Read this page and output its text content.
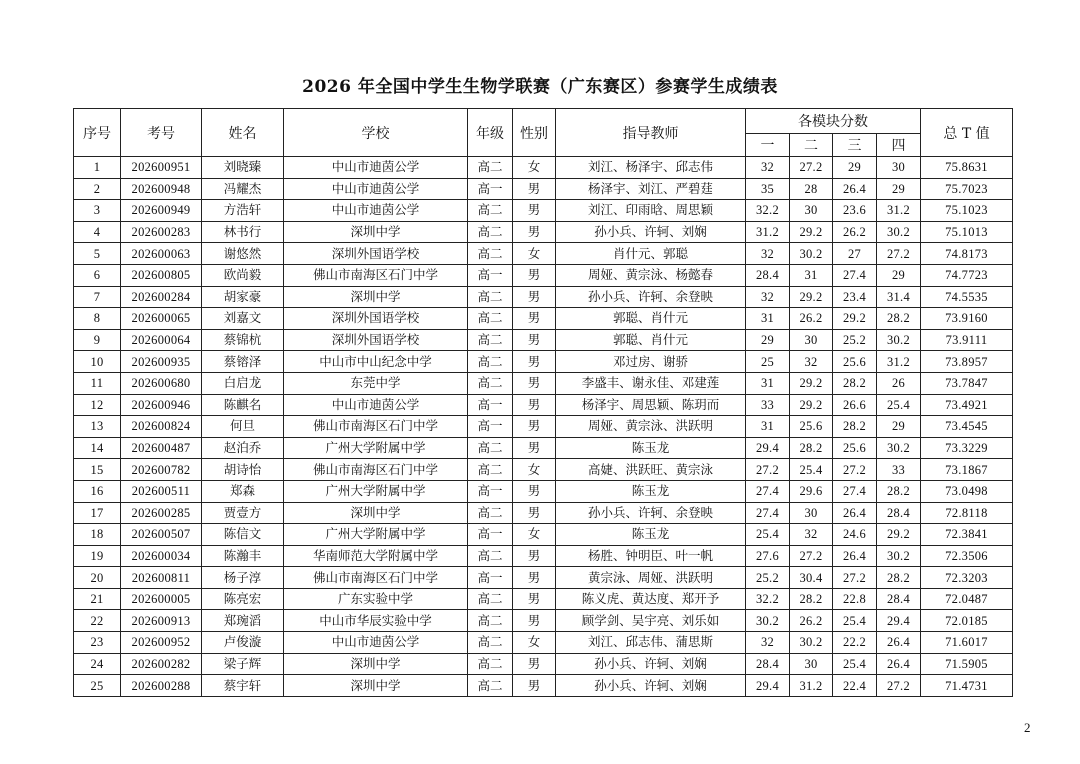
2026 年全国中学生生物学联赛（广东赛区）参赛学生成绩表
序号	考号	姓名	学校	年级	性别	指导教师	各模块分数				总 T 值
							一	二	三	四	
1	202600951	刘晓臻	中山市迪茵公学	高二	女	刘江、杨泽宇、邱志伟	32	27.2	29	30	75.8631
2	202600948	冯耀杰	中山市迪茵公学	高一	男	杨泽宇、刘江、严碧莛	35	28	26.4	29	75.7023
3	202600949	方浩轩	中山市迪茵公学	高二	男	刘江、印雨晗、周思颖	32.2	30	23.6	31.2	75.1023
4	202600283	林书行	深圳中学	高二	男	孙小兵、许轲、刘娴	31.2	29.2	26.2	30.2	75.1013
5	202600063	谢悠然	深圳外国语学校	高二	女	肖什元、郭聪	32	30.2	27	27.2	74.8173
6	202600805	欧尚毅	佛山市南海区石门中学	高一	男	周娅、黄宗泳、杨懿春	28.4	31	27.4	29	74.7723
7	202600284	胡家豪	深圳中学	高二	男	孙小兵、许轲、余登映	32	29.2	23.4	31.4	74.5535
8	202600065	刘嘉文	深圳外国语学校	高二	男	郭聪、肖什元	31	26.2	29.2	28.2	73.9160
9	202600064	蔡锦杭	深圳外国语学校	高二	男	郭聪、肖什元	29	30	25.2	30.2	73.9111
10	202600935	蔡镕泽	中山市中山纪念中学	高二	男	邓过房、谢骄	25	32	25.6	31.2	73.8957
11	202600680	白启龙	东莞中学	高二	男	李盛丰、谢永佳、邓建莲	31	29.2	28.2	26	73.7847
12	202600946	陈麒名	中山市迪茵公学	高一	男	杨泽宇、周思颖、陈玥而	33	29.2	26.6	25.4	73.4921
13	202600824	何旦	佛山市南海区石门中学	高一	男	周娅、黄宗泳、洪跃明	31	25.6	28.2	29	73.4545
14	202600487	赵泊乔	广州大学附属中学	高二	男	陈玉龙	29.4	28.2	25.6	30.2	73.3229
15	202600782	胡诗怡	佛山市南海区石门中学	高二	女	高婕、洪跃旺、黄宗泳	27.2	25.4	27.2	33	73.1867
16	202600511	郑森	广州大学附属中学	高一	男	陈玉龙	27.4	29.6	27.4	28.2	73.0498
17	202600285	贾壹方	深圳中学	高二	男	孙小兵、许轲、余登映	27.4	30	26.4	28.4	72.8118
18	202600507	陈信文	广州大学附属中学	高一	女	陈玉龙	25.4	32	24.6	29.2	72.3841
19	202600034	陈瀚丰	华南师范大学附属中学	高二	男	杨胜、钟明臣、叶一帆	27.6	27.2	26.4	30.2	72.3506
20	202600811	杨子淳	佛山市南海区石门中学	高一	男	黄宗泳、周娅、洪跃明	25.2	30.4	27.2	28.2	72.3203
21	202600005	陈亮宏	广东实验中学	高二	男	陈义虎、黄达度、郑开予	32.2	28.2	22.8	28.4	72.0487
22	202600913	郑琬滔	中山市华辰实验中学	高二	男	顾学剑、吴宇亮、刘乐如	30.2	26.2	25.4	29.4	72.0185
23	202600952	卢俊漩	中山市迪茵公学	高二	女	刘江、邱志伟、蒲思斯	32	30.2	22.2	26.4	71.6017
24	202600282	梁子辉	深圳中学	高二	男	孙小兵、许轲、刘娴	28.4	30	25.4	26.4	71.5905
25	202600288	蔡宇轩	深圳中学	高二	男	孙小兵、许轲、刘娴	29.4	31.2	22.4	27.2	71.4731
2
